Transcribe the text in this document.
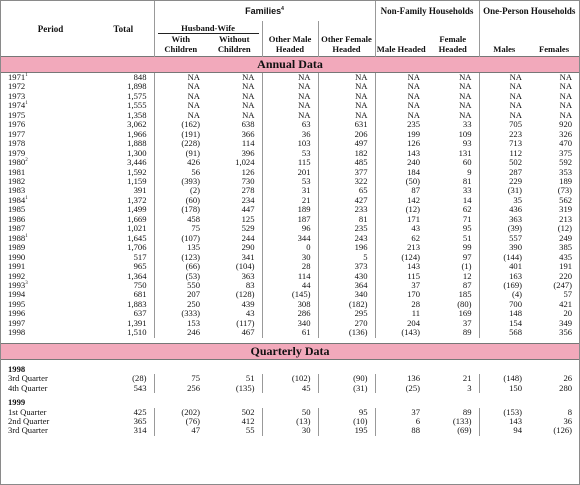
Period	Total	Families$^4$				Non-Family Households		One-Person Households	

		Husband-Wife		Other Male Headed	Other Female Headed	Male Headed	Female Headed	Males	Females
		With Children	Without Children						
Annual Data									
1971$^1$	848	NA	NA	NA	NA	NA	NA	NA	NA
1972	1,898	NA	NA	NA	NA	NA	NA	NA	NA
1973	1,575	NA	NA	NA	NA	NA	NA	NA	NA
1974$^1$	1,555	NA	NA	NA	NA	NA	NA	NA	NA
1975	1,358	NA	NA	NA	NA	NA	NA	NA	NA
1976	3,062	(162)	638	63	631	235	33	705	920
1977	1,966	(191)	366	36	206	199	109	223	326
1978	1,888	(228)	114	103	497	126	93	713	470
1979	1,300	(91)	396	53	182	143	131	112	375
1980$^2$	3,446	426	1,024	115	485	240	60	502	592
1981	1,592	56	126	201	377	184	9	287	353
1982	1,159	(393)	730	53	322	(50)	81	229	189
1983	391	(2)	278	31	65	87	33	(31)	(73)
1984$^1$	1,372	(60)	234	21	427	142	14	35	562
1985	1,499	(178)	447	189	233	(12)	62	436	319
1986	1,669	458	125	187	81	171	71	363	213
1987	1,021	75	529	96	235	43	95	(39)	(12)
1988$^1$	1,645	(107)	244	344	243	62	51	557	249
1989	1,706	135	290	0	196	213	99	390	385
1990	517	(123)	341	30	5	(124)	97	(144)	435
1991	965	(66)	(104)	28	373	143	(1)	401	191
1992	1,364	(53)	363	114	430	115	12	163	220
1993$^3$	750	550	83	44	364	37	87	(169)	(247)
1994	681	207	(128)	(145)	340	170	185	(4)	57
1995	1,883	250	439	308	(182)	28	(80)	700	421
1996	637	(333)	43	286	295	11	169	148	20
1997	1,391	153	(117)	340	270	204	37	154	349
1998	1,510	246	467	61	(136)	(143)	89	568	356

Quarterly Data									

1998									
3rd Quarter	(28)	75	51	(102)	(90)	136	21	(148)	26
4th Quarter	543	256	(135)	45	(31)	(25)	3	150	280

1999									
1st Quarter	425	(202)	502	50	95	37	89	(153)	8
2nd Quarter	365	(76)	412	(13)	(10)	6	(133)	143	36
3rd Quarter	314	47	55	30	195	88	(69)	94	(126)
